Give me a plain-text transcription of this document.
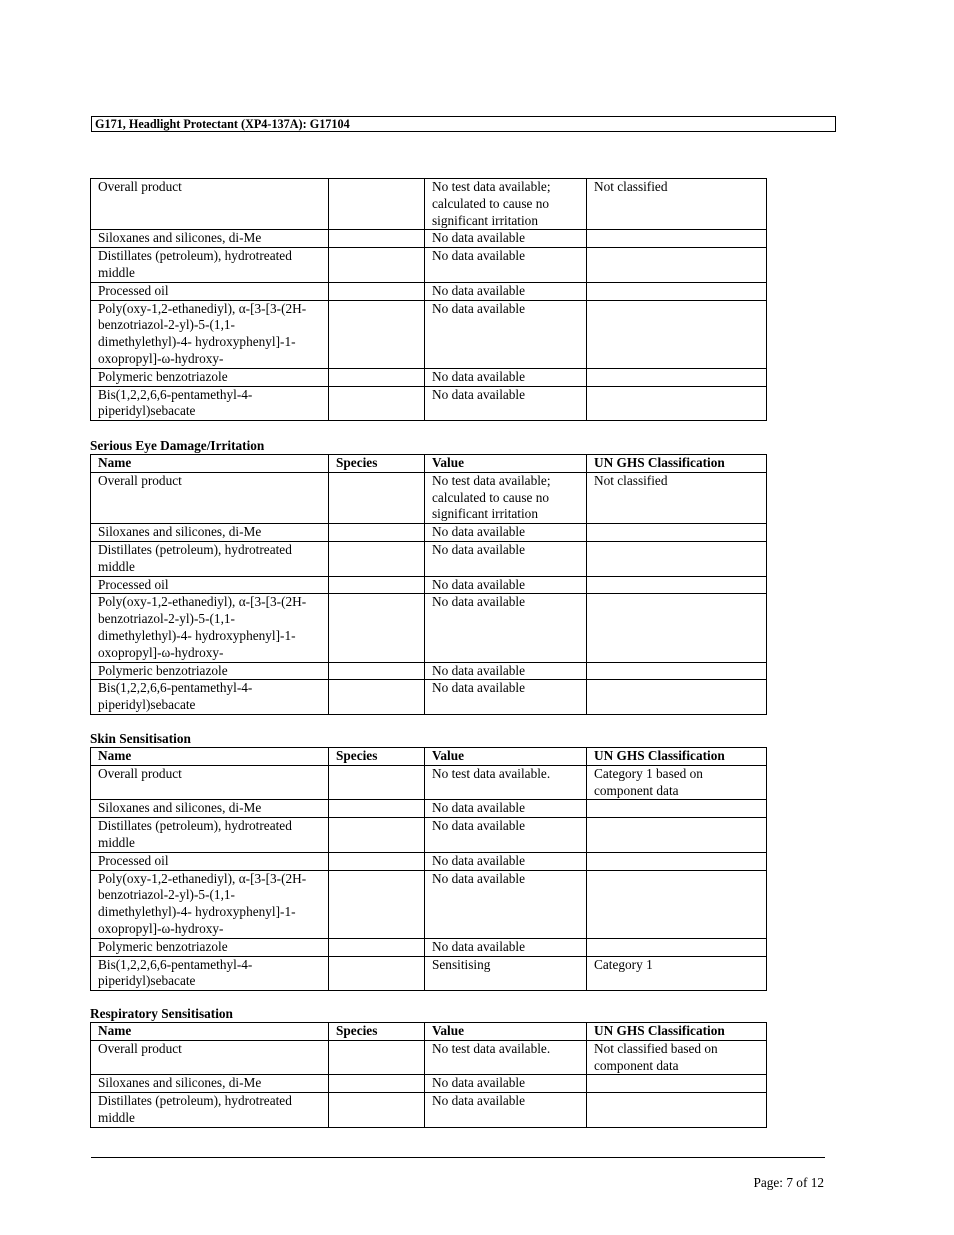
G171, Headlight Protectant (XP4-137A): G17104
Overall product		No test data available; calculated to cause no significant irritation	Not classified
Siloxanes and silicones, di-Me		No data available	
Distillates (petroleum), hydrotreated middle		No data available	
Processed oil		No data available	
Poly(oxy-1,2-ethanediyl), α-[3-[3-(2H-benzotriazol-2-yl)-5-(1,1-dimethylethyl)-4- hydroxyphenyl]-1-oxopropyl]-ω-hydroxy-		No data available	
Polymeric benzotriazole		No data available	
Bis(1,2,2,6,6-pentamethyl-4-piperidyl)sebacate		No data available	
Serious Eye Damage/Irritation
Name	Species	Value	UN GHS Classification
Overall product		No test data available; calculated to cause no significant irritation	Not classified
Siloxanes and silicones, di-Me		No data available	
Distillates (petroleum), hydrotreated middle		No data available	
Processed oil		No data available	
Poly(oxy-1,2-ethanediyl), α-[3-[3-(2H-benzotriazol-2-yl)-5-(1,1-dimethylethyl)-4- hydroxyphenyl]-1-oxopropyl]-ω-hydroxy-		No data available	
Polymeric benzotriazole		No data available	
Bis(1,2,2,6,6-pentamethyl-4-piperidyl)sebacate		No data available	
Skin Sensitisation
Name	Species	Value	UN GHS Classification
Overall product		No test data available.	Category 1 based on component data
Siloxanes and silicones, di-Me		No data available	
Distillates (petroleum), hydrotreated middle		No data available	
Processed oil		No data available	
Poly(oxy-1,2-ethanediyl), α-[3-[3-(2H-benzotriazol-2-yl)-5-(1,1-dimethylethyl)-4- hydroxyphenyl]-1-oxopropyl]-ω-hydroxy-		No data available	
Polymeric benzotriazole		No data available	
Bis(1,2,2,6,6-pentamethyl-4-piperidyl)sebacate		Sensitising	Category 1
Respiratory Sensitisation
Name	Species	Value	UN GHS Classification
Overall product		No test data available.	Not classified based on component data
Siloxanes and silicones, di-Me		No data available	
Distillates (petroleum), hydrotreated middle		No data available	
Page: 7 of 12
